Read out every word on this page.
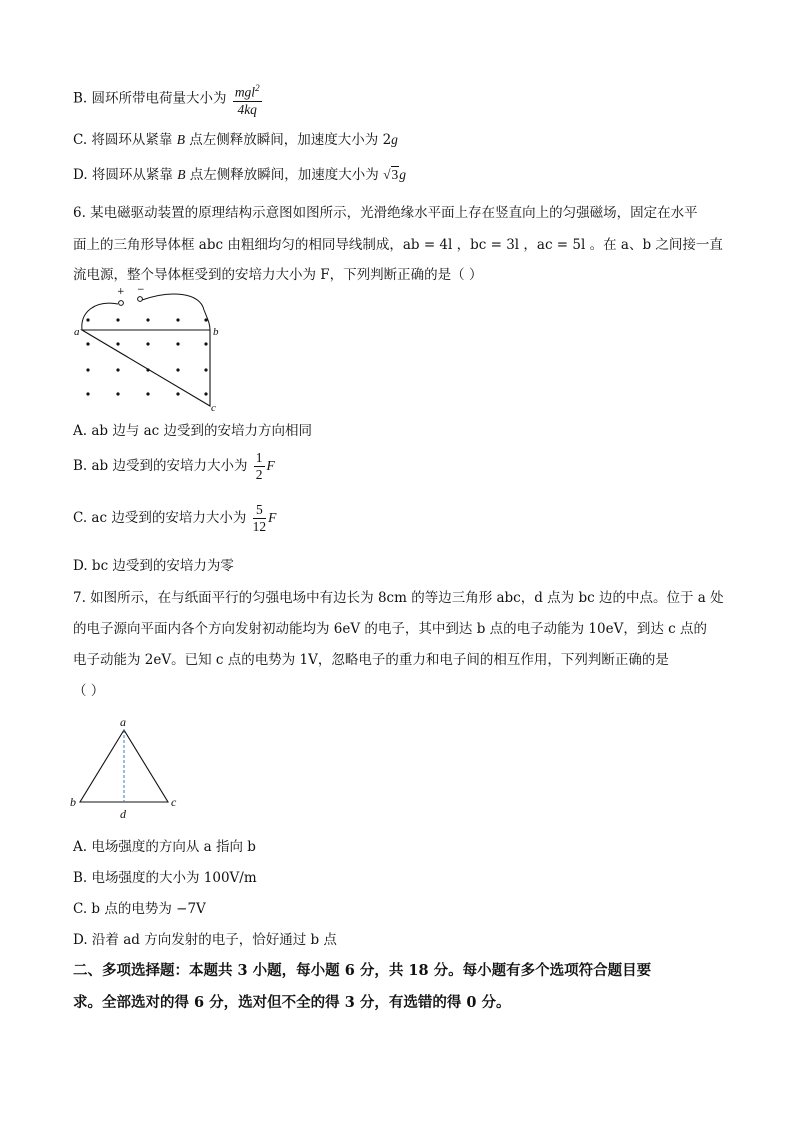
B. 圆环所带电荷量大小为 $\frac{mgl^2}{4kq}$
C. 将圆环从紧靠 B 点左侧释放瞬间，加速度大小为 2g
D. 将圆环从紧靠 B 点左侧释放瞬间，加速度大小为 √3g
6. 某电磁驱动装置的原理结构示意图如图所示，光滑绝缘水平面上存在竖直向上的匀强磁场，固定在水平
面上的三角形导体框 abc 由粗细均匀的相同导线制成，ab = 4l ，bc = 3l ，ac = 5l 。在 a、b 之间接一直
流电源，整个导体框受到的安培力大小为 F，下列判断正确的是（ ）
+ −
a	b
c
A. ab 边与 ac 边受到的安培力方向相同
B. ab 边受到的安培力大小为 $\frac{1}{2}$ F
C. ac 边受到的安培力大小为 $\frac{5}{12}$ F
D. bc 边受到的安培力为零
7. 如图所示，在与纸面平行的匀强电场中有边长为 8cm 的等边三角形 abc，d 点为 bc 边的中点。位于 a 处
的电子源向平面内各个方向发射初动能均为 6eV 的电子，其中到达 b 点的电子动能为 10eV，到达 c 点的
电子动能为 2eV。已知 c 点的电势为 1V，忽略电子的重力和电子间的相互作用，下列判断正确的是
（ ）
a
b	c
d
A. 电场强度的方向从 a 指向 b
B. 电场强度的大小为 100V/m
C. b 点的电势为 −7V
D. 沿着 ad 方向发射的电子，恰好通过 b 点
二、多项选择题：本题共 3 小题，每小题 6 分，共 18 分。每小题有多个选项符合题目要
求。全部选对的得 6 分，选对但不全的得 3 分，有选错的得 0 分。
